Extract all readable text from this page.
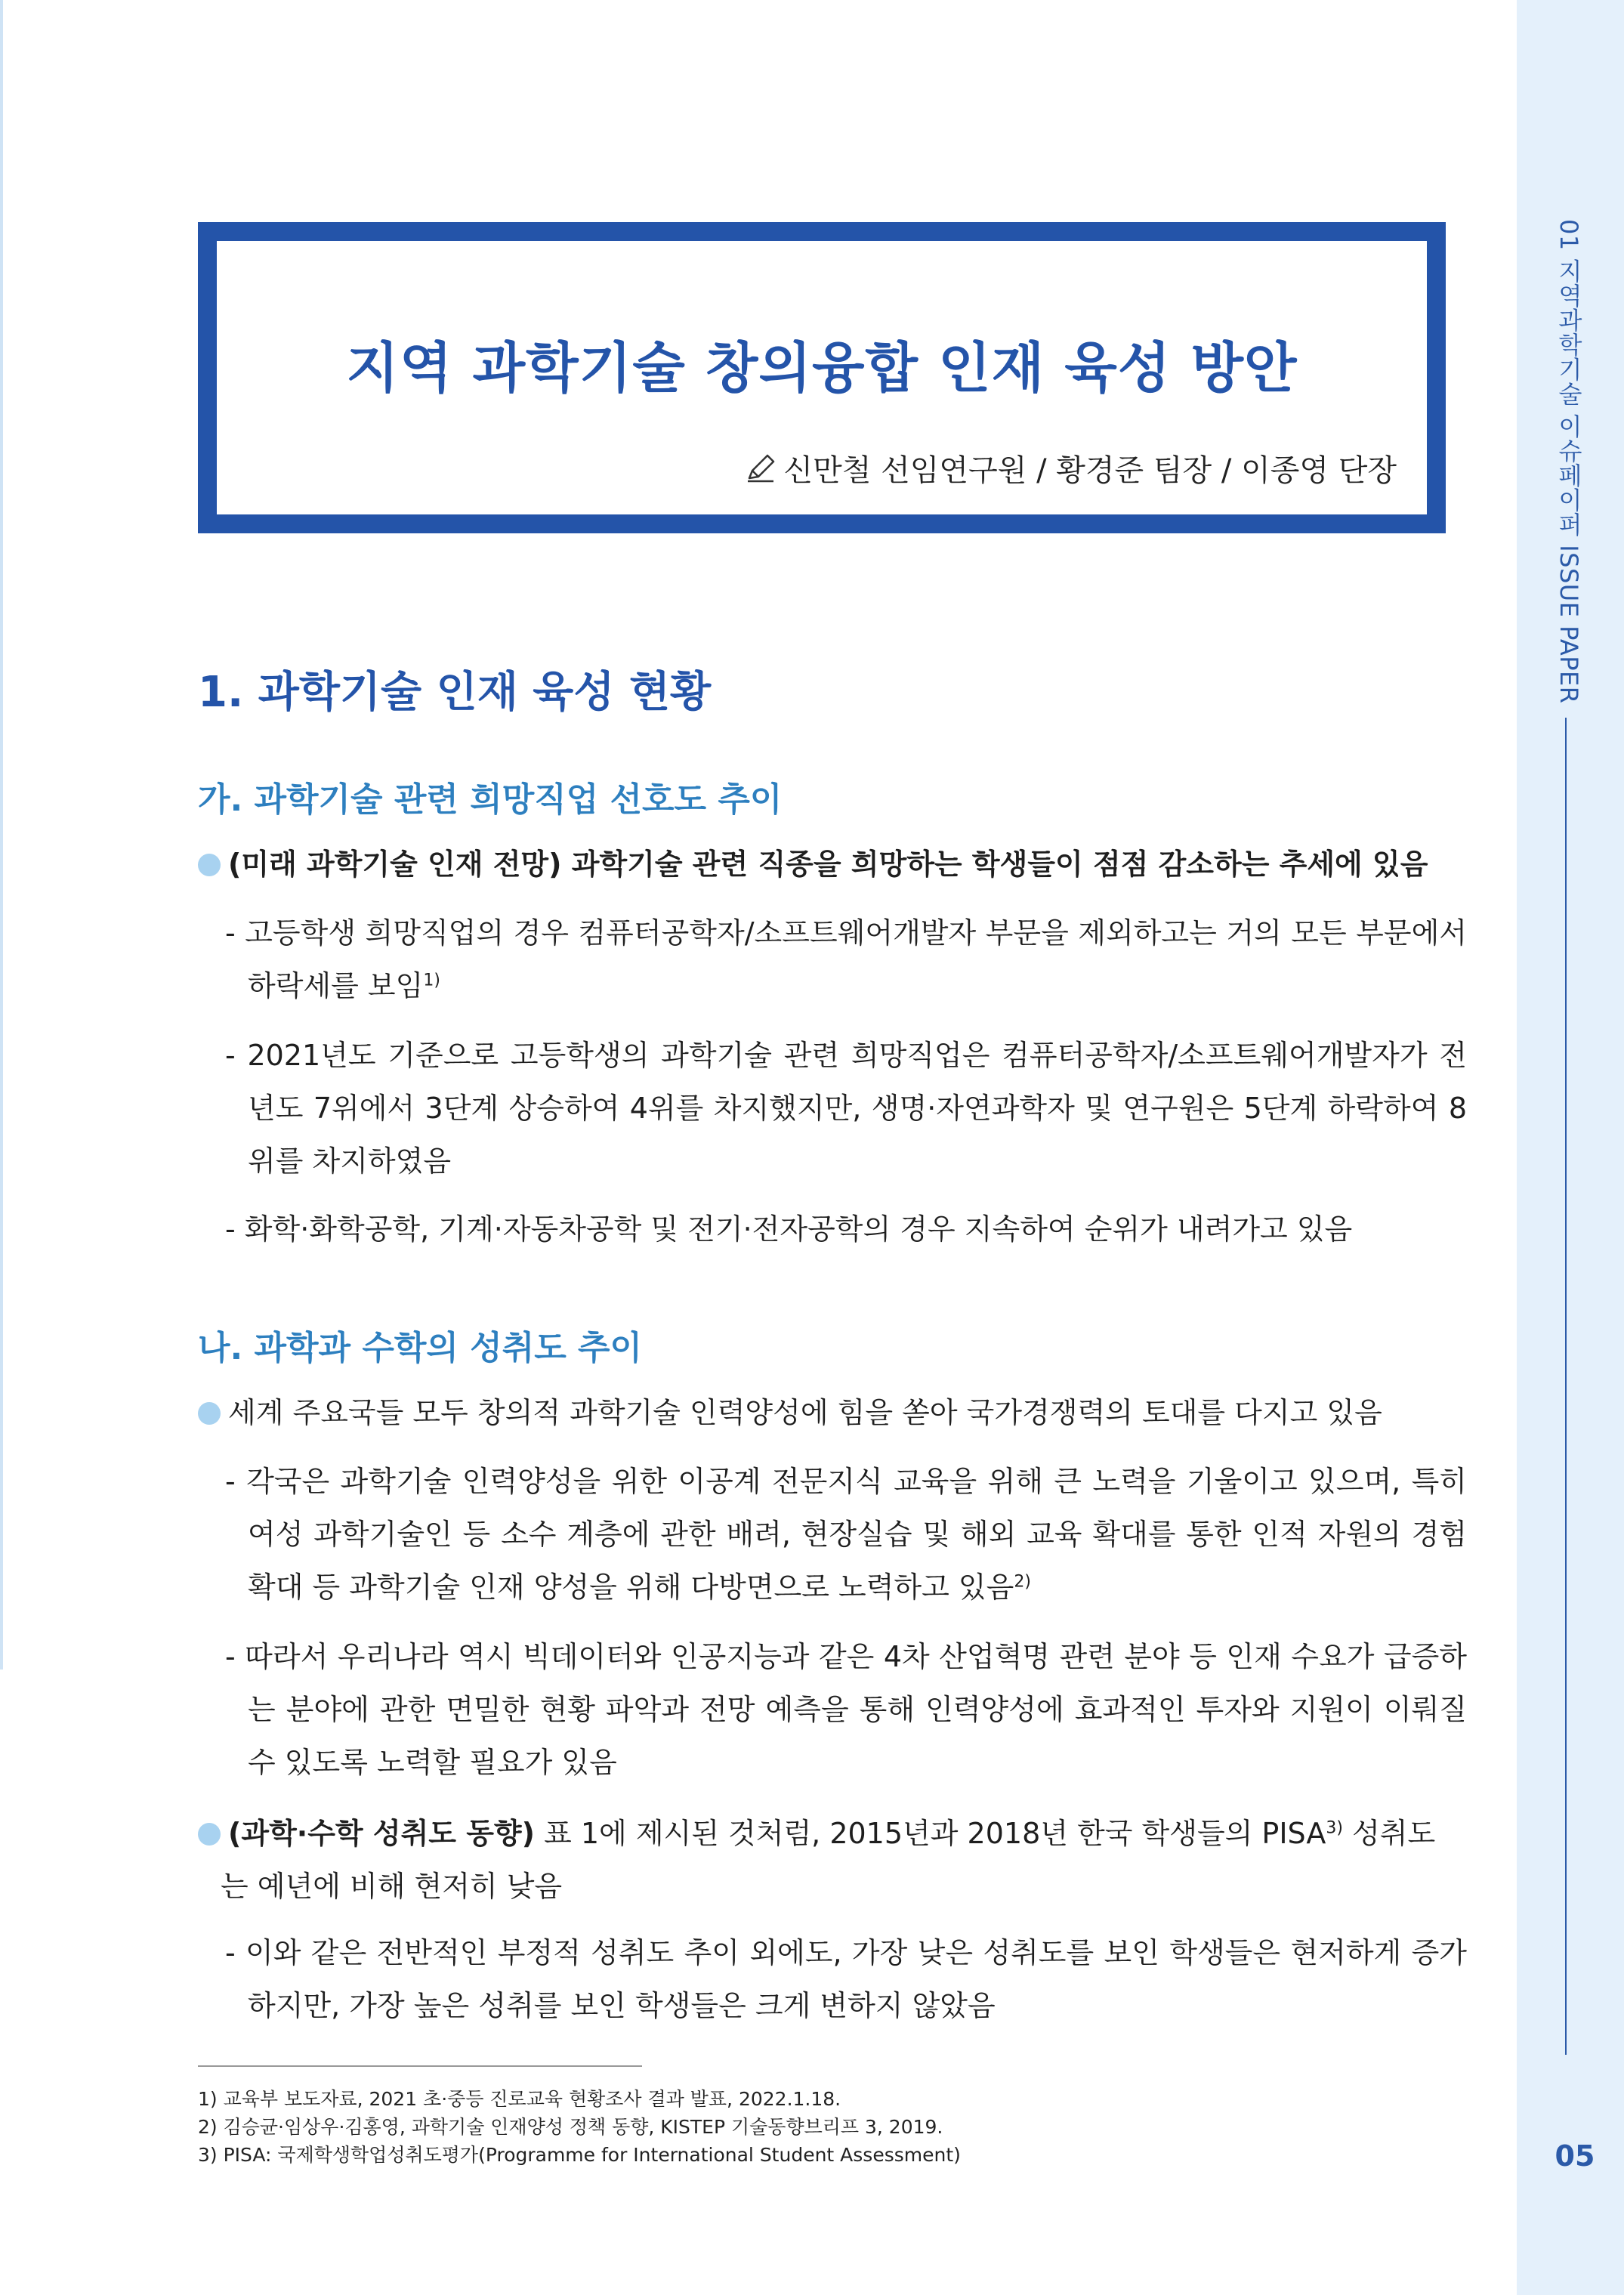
01 지역과학기술 이슈페이퍼 ISSUE PAPER
05
지역 과학기술 창의융합 인재 육성 방안
신만철 선임연구원 / 황경준 팀장 / 이종영 단장
1. 과학기술 인재 육성 현황
가. 과학기술 관련 희망직업 선호도 추이
(미래 과학기술 인재 전망) 과학기술 관련 직종을 희망하는 학생들이 점점 감소하는 추세에 있음
- 고등학생 희망직업의 경우 컴퓨터공학자/소프트웨어개발자 부문을 제외하고는 거의 모든 부문에서 하락세를 보임$^{1)}$
- 2021년도 기준으로 고등학생의 과학기술 관련 희망직업은 컴퓨터공학자/소프트웨어개발자가 전년도 7위에서 3단계 상승하여 4위를 차지했지만, 생명·자연과학자 및 연구원은 5단계 하락하여 8위를 차지하였음
- 화학·화학공학, 기계·자동차공학 및 전기·전자공학의 경우 지속하여 순위가 내려가고 있음
나. 과학과 수학의 성취도 추이
세계 주요국들 모두 창의적 과학기술 인력양성에 힘을 쏟아 국가경쟁력의 토대를 다지고 있음
- 각국은 과학기술 인력양성을 위한 이공계 전문지식 교육을 위해 큰 노력을 기울이고 있으며, 특히 여성 과학기술인 등 소수 계층에 관한 배려, 현장실습 및 해외 교육 확대를 통한 인적 자원의 경험 확대 등 과학기술 인재 양성을 위해 다방면으로 노력하고 있음$^{2)}$
- 따라서 우리나라 역시 빅데이터와 인공지능과 같은 4차 산업혁명 관련 분야 등 인재 수요가 급증하는 분야에 관한 면밀한 현황 파악과 전망 예측을 통해 인력양성에 효과적인 투자와 지원이 이뤄질 수 있도록 노력할 필요가 있음
(과학·수학 성취도 동향) 표 1에 제시된 것처럼, 2015년과 2018년 한국 학생들의 PISA$^{3)}$ 성취도는 예년에 비해 현저히 낮음
- 이와 같은 전반적인 부정적 성취도 추이 외에도, 가장 낮은 성취도를 보인 학생들은 현저하게 증가하지만, 가장 높은 성취를 보인 학생들은 크게 변하지 않았음
1) 교육부 보도자료, 2021 초·중등 진로교육 현황조사 결과 발표, 2022.1.18.
2) 김승균·임상우·김홍영, 과학기술 인재양성 정책 동향, KISTEP 기술동향브리프 3, 2019.
3) PISA: 국제학생학업성취도평가(Programme for International Student Assessment)
